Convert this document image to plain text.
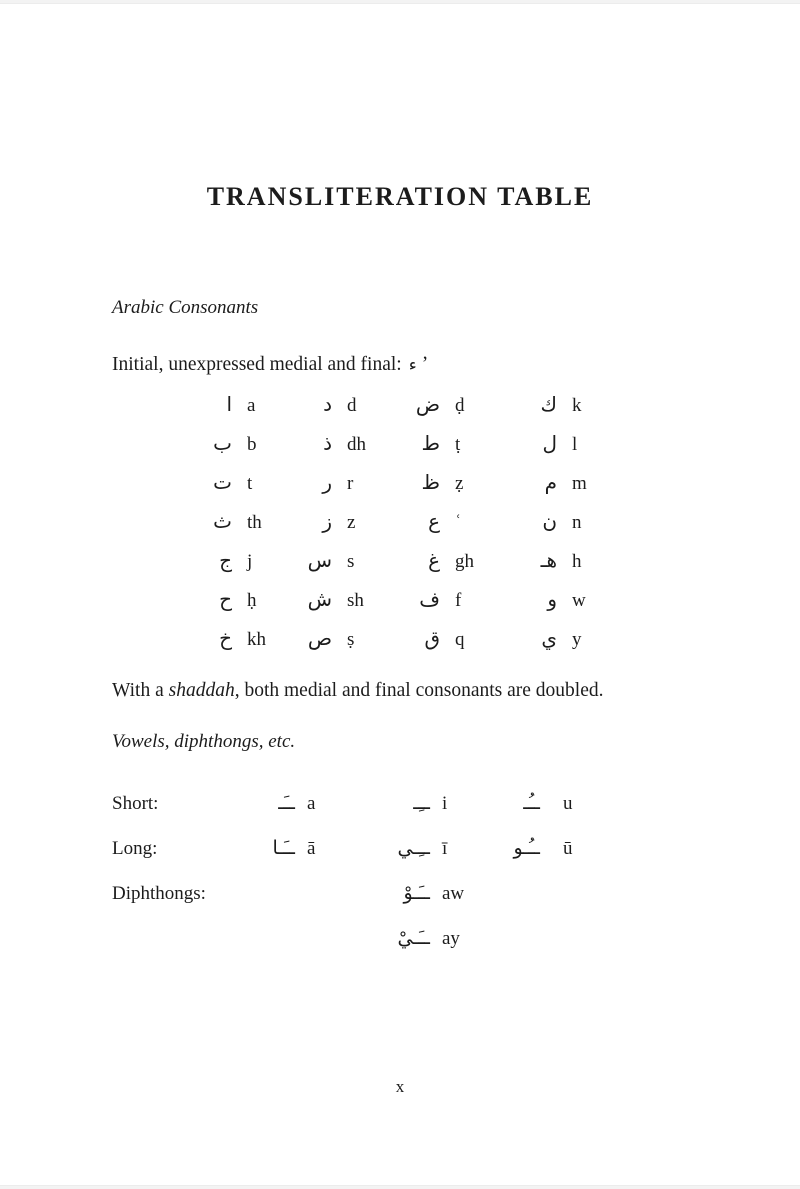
TRANSLITERATION TABLE
Arabic Consonants
Initial, unexpressed medial and final: ء ʼ
ا a	د d	ض ḍ	ك k
ب b	ذ dh	ط ṭ	ل l
ت t	ر r	ظ ẓ	م m
ث th	ز z	ع ʿ	ن n
ج j	س s	غ gh	هـ h
ح ḥ	ش sh	ف f	و w
خ kh	ص ṣ	ق q	ي y
With a shaddah, both medial and final consonants are doubled.
Vowels, diphthongs, etc.
Short:	ــَـ a	ــِـ i	ــُـ	u
Long:	ــَـا ā	ــِـي ī	ــُـو	ū
Diphthongs:	ــَـوْ aw
ــَـيْ ay
x
